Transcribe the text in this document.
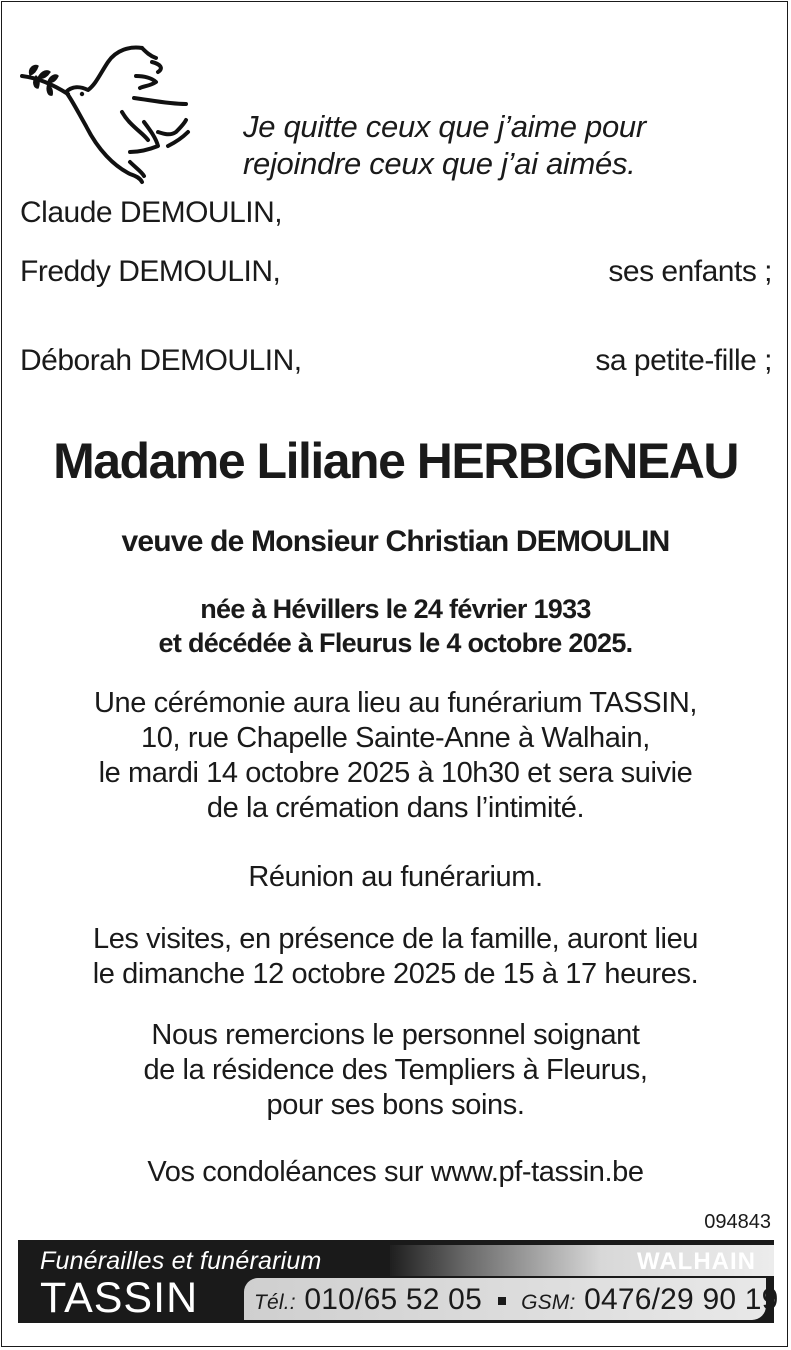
Je quitte ceux que j’aime pour
rejoindre ceux que j’ai aimés.
Claude DEMOULIN,
Freddy DEMOULIN,	ses enfants ;
Déborah DEMOULIN,	sa petite-fille ;
Madame Liliane HERBIGNEAU
veuve de Monsieur Christian DEMOULIN
née à Hévillers le 24 février 1933
et décédée à Fleurus le 4 octobre 2025.
Une cérémonie aura lieu au funérarium TASSIN,
10, rue Chapelle Sainte-Anne à Walhain,
le mardi 14 octobre 2025 à 10h30 et sera suivie
de la crémation dans l’intimité.
Réunion au funérarium.
Les visites, en présence de la famille, auront lieu
le dimanche 12 octobre 2025 de 15 à 17 heures.
Nous remercions le personnel soignant
de la résidence des Templiers à Fleurus,
pour ses bons soins.
Vos condoléances sur www.pf-tassin.be
094843
Funérailles et funérarium
TASSIN
WALHAIN
Tél.: 010/65 52 05 GSM: 0476/29 90 19
